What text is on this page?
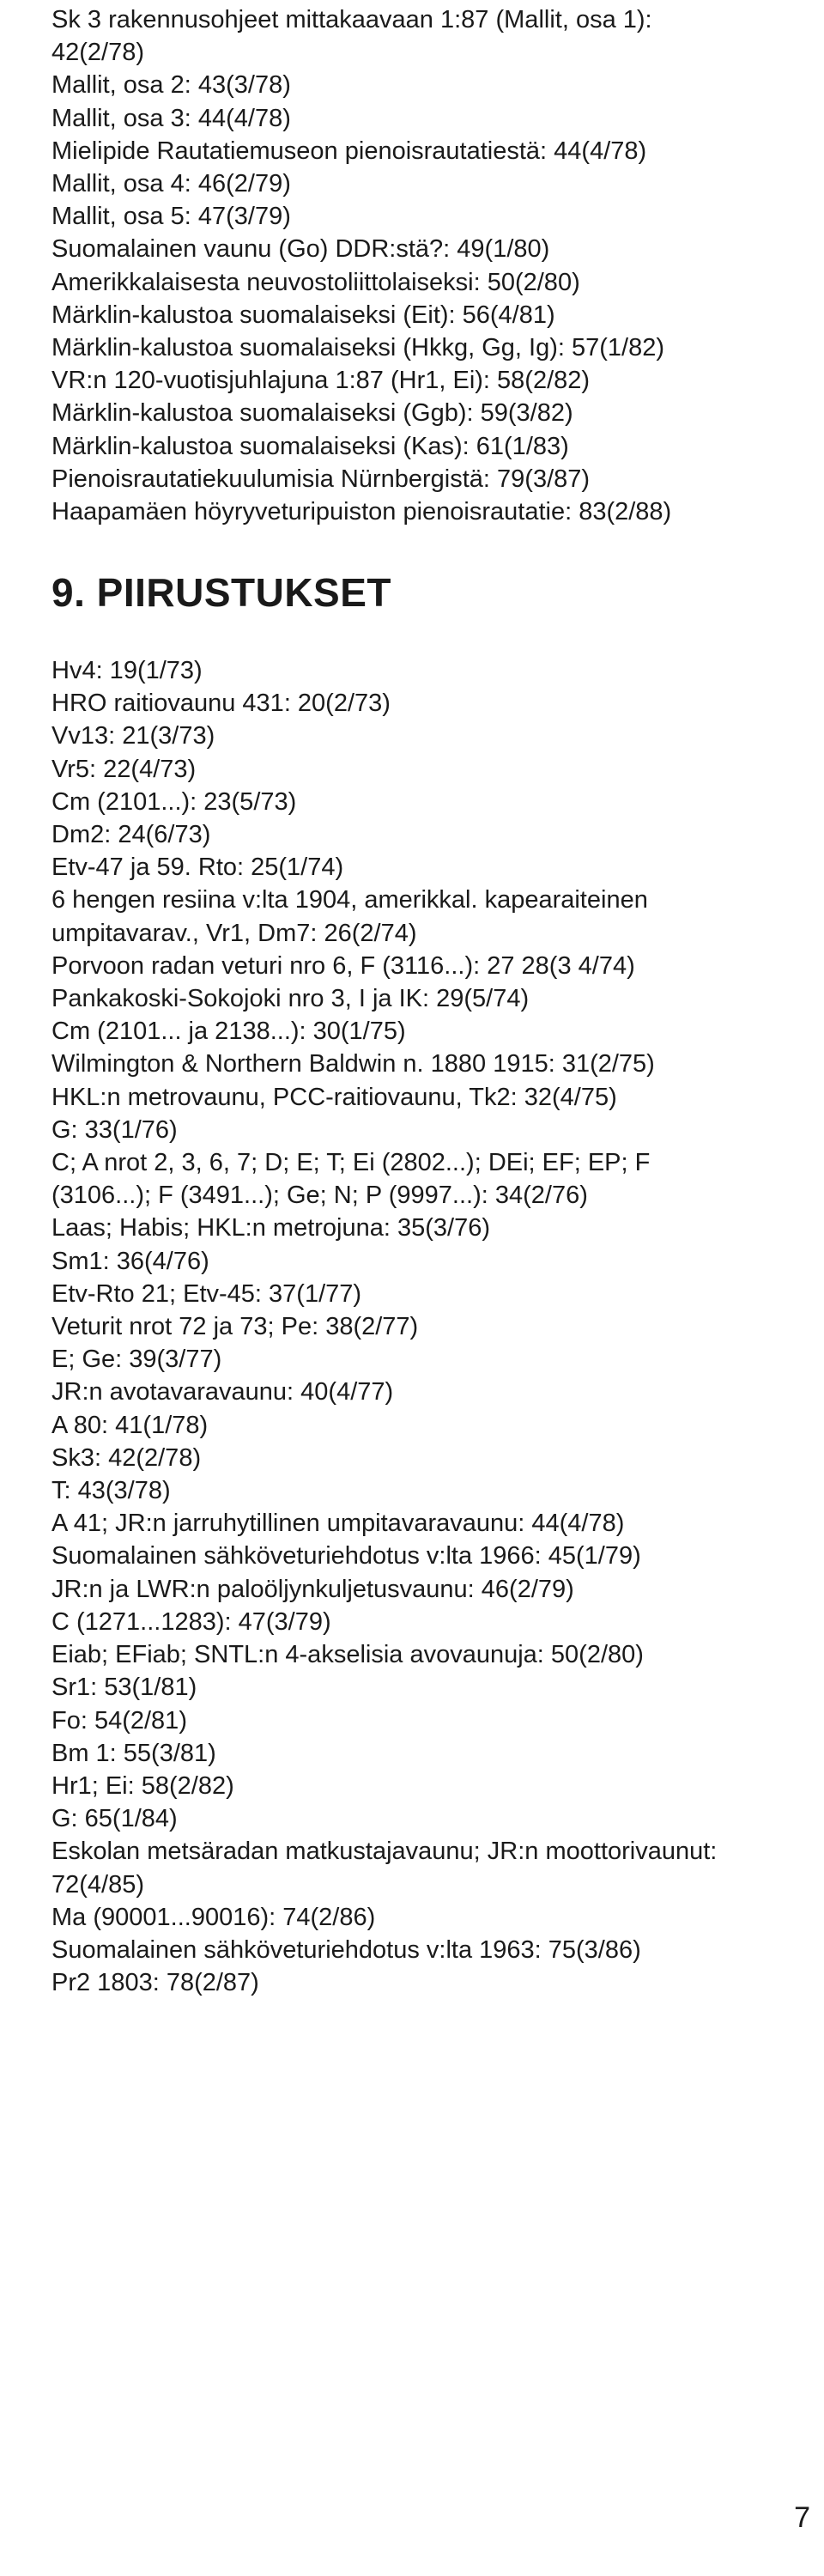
Sk 3 rakennusohjeet mittakaavaan 1:87 (Mallit, osa 1):
42(2/78)
Mallit, osa 2: 43(3/78)
Mallit, osa 3: 44(4/78)
Mielipide Rautatiemuseon pienoisrautatiestä: 44(4/78)
Mallit, osa 4: 46(2/79)
Mallit, osa 5: 47(3/79)
Suomalainen vaunu (Go) DDR:stä?: 49(1/80)
Amerikkalaisesta neuvostoliittolaiseksi: 50(2/80)
Märklin-kalustoa suomalaiseksi (Eit): 56(4/81)
Märklin-kalustoa suomalaiseksi (Hkkg, Gg, Ig): 57(1/82)
VR:n 120-vuotisjuhlajuna 1:87 (Hr1, Ei): 58(2/82)
Märklin-kalustoa suomalaiseksi (Ggb): 59(3/82)
Märklin-kalustoa suomalaiseksi (Kas): 61(1/83)
Pienoisrautatiekuulumisia Nürnbergistä: 79(3/87)
Haapamäen höyryveturipuiston pienoisrautatie: 83(2/88)
9. PIIRUSTUKSET
Hv4: 19(1/73)
HRO raitiovaunu 431: 20(2/73)
Vv13: 21(3/73)
Vr5: 22(4/73)
Cm (2101...): 23(5/73)
Dm2: 24(6/73)
Etv-47 ja 59. Rto: 25(1/74)
6 hengen resiina v:lta 1904, amerikkal. kapearaiteinen
umpitavarav., Vr1, Dm7: 26(2/74)
Porvoon radan veturi nro 6, F (3116...): 27 28(3 4/74)
Pankakoski-Sokojoki nro 3, I ja IK: 29(5/74)
Cm (2101... ja 2138...): 30(1/75)
Wilmington & Northern Baldwin n. 1880 1915: 31(2/75)
HKL:n metrovaunu, PCC-raitiovaunu, Tk2: 32(4/75)
G: 33(1/76)
C; A nrot 2, 3, 6, 7; D; E; T; Ei (2802...); DEi; EF; EP; F
(3106...); F (3491...); Ge; N; P (9997...): 34(2/76)
Laas; Habis; HKL:n metrojuna: 35(3/76)
Sm1: 36(4/76)
Etv-Rto 21; Etv-45: 37(1/77)
Veturit nrot 72 ja 73; Pe: 38(2/77)
E; Ge: 39(3/77)
JR:n avotavaravaunu: 40(4/77)
A 80: 41(1/78)
Sk3: 42(2/78)
T: 43(3/78)
A 41; JR:n jarruhytillinen umpitavaravaunu: 44(4/78)
Suomalainen sähköveturiehdotus v:lta 1966: 45(1/79)
JR:n ja LWR:n paloöljynkuljetusvaunu: 46(2/79)
C (1271...1283): 47(3/79)
Eiab; EFiab; SNTL:n 4-akselisia avovaunuja: 50(2/80)
Sr1: 53(1/81)
Fo: 54(2/81)
Bm 1: 55(3/81)
Hr1; Ei: 58(2/82)
G: 65(1/84)
Eskolan metsäradan matkustajavaunu; JR:n moottorivaunut:
72(4/85)
Ma (90001...90016): 74(2/86)
Suomalainen sähköveturiehdotus v:lta 1963: 75(3/86)
Pr2 1803: 78(2/87)
7
